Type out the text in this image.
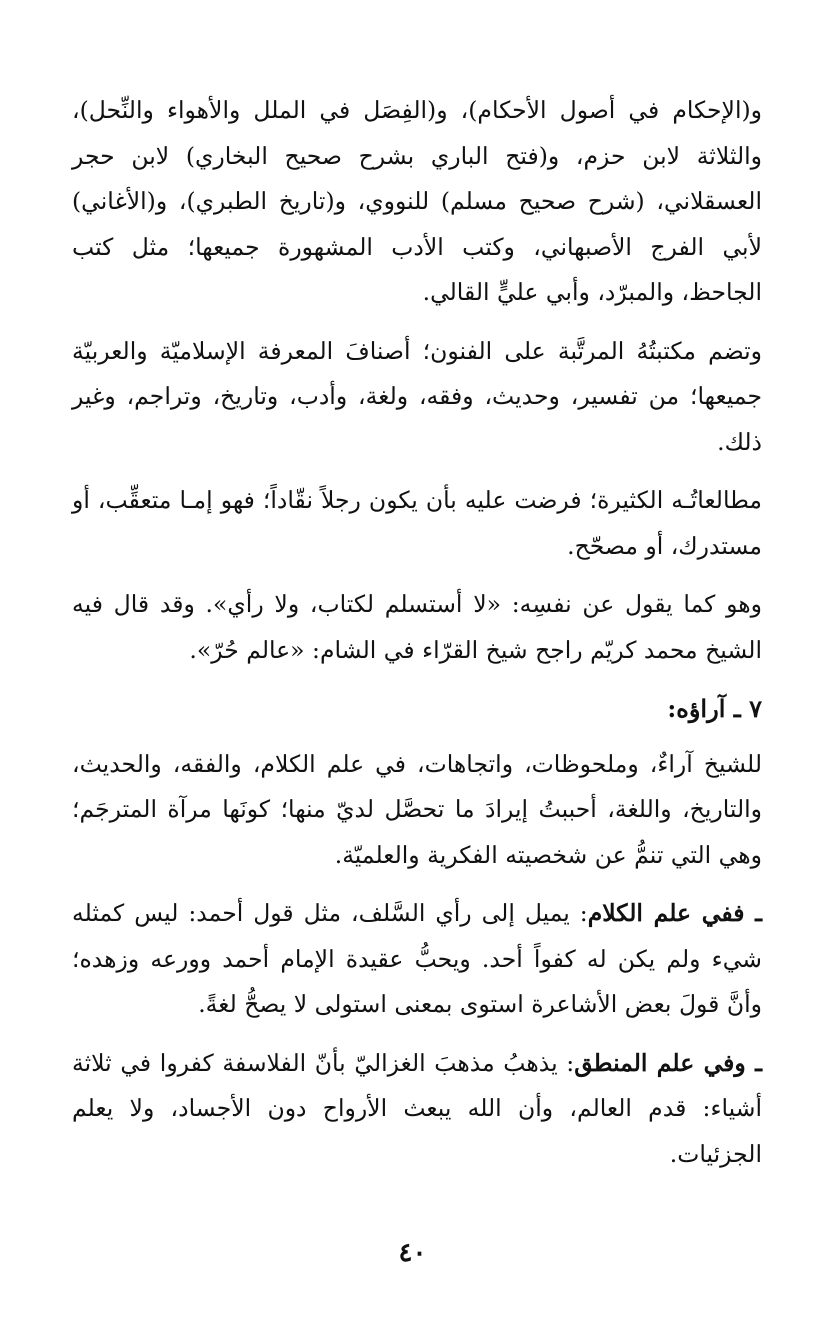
و(الإحكام في أصول الأحكام)، و(الفِصَل في الملل والأهواء والنِّحل)، والثلاثة لابن حزم، و(فتح الباري بشرح صحيح البخاري) لابن حجر العسقلاني، (شرح صحيح مسلم) للنووي، و(تاريخ الطبري)، و(الأغاني) لأبي الفرج الأصبهاني، وكتب الأدب المشهورة جميعها؛ مثل كتب الجاحظ، والمبرّد، وأبي عليٍّ القالي.

وتضم مكتبتُهُ المرتَّبة على الفنون؛ أصنافَ المعرفة الإسلاميّة والعربيّة جميعها؛ من تفسير، وحديث، وفقه، ولغة، وأدب، وتاريخ، وتراجم، وغير ذلك.

مطالعاتُـه الكثيرة؛ فرضت عليه بأن يكون رجلاً نقّاداً؛ فهو إمـا متعقِّب، أو مستدرك، أو مصحّح.

وهو كما يقول عن نفسِه: «لا أستسلم لكتاب، ولا رأي». وقد قال فيه الشيخ محمد كريّم راجح شيخ القرّاء في الشام: «عالم حُرّ».

٧ ـ آراؤه:

للشيخ آراءٌ، وملحوظات، واتجاهات، في علم الكلام، والفقه، والحديث، والتاريخ، واللغة، أحببتُ إيرادَ ما تحصَّل لديّ منها؛ كونَها مرآة المترجَم؛ وهي التي تنمُّ عن شخصيته الفكرية والعلميّة.

ـ ففي علم الكلام: يميل إلى رأي السَّلف، مثل قول أحمد: ليس كمثله شيء ولم يكن له كفواً أحد. ويحبُّ عقيدة الإمام أحمد وورعه وزهده؛ وأنَّ قولَ بعض الأشاعرة استوى بمعنى استولى لا يصحُّ لغةً.

ـ وفي علم المنطق: يذهبُ مذهبَ الغزاليّ بأنّ الفلاسفة كفروا في ثلاثة أشياء: قدم العالم، وأن الله يبعث الأرواح دون الأجساد، ولا يعلم الجزئيات.

٤٠
